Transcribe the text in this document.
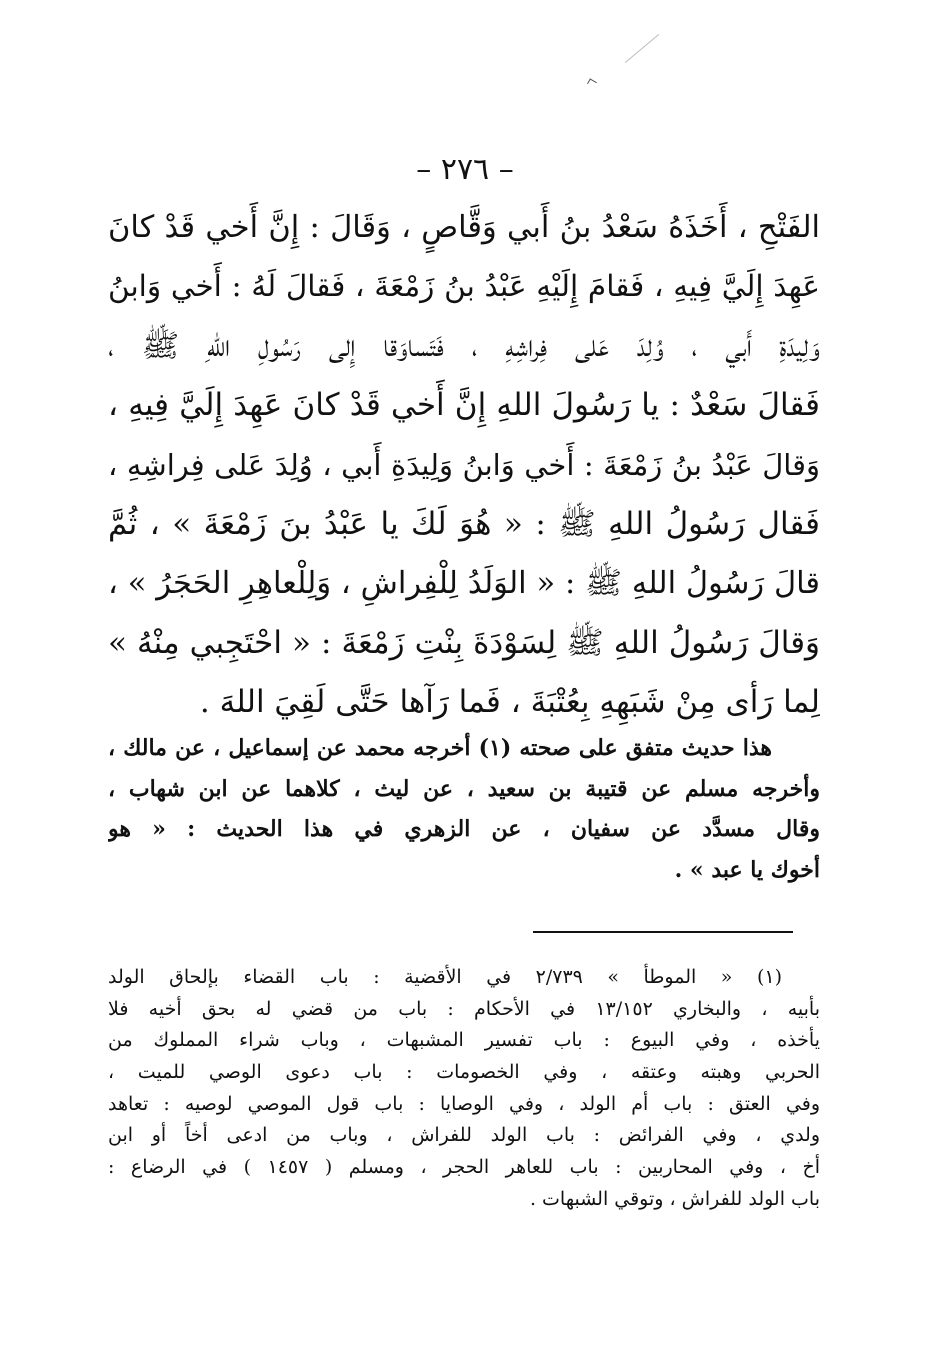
– ٢٧٦ –
الفَتْحِ ، أَخَذَهُ سَعْدُ بنُ أَبي وَقَّاصٍ ، وَقَالَ : إِنَّ أَخي قَدْ كانَ
عَهِدَ إِلَيَّ فِيهِ ، فَقامَ إِلَيْهِ عَبْدُ بنُ زَمْعَةَ ، فَقالَ لَهُ : أَخي وَابنُ
وَلِيدَةِ أَبي ، وُلِدَ عَلى فِراشِهِ ، فَتَساوَقا إِلى رَسُولِ اللهِ ﷺ ،
فَقالَ سَعْدٌ : يا رَسُولَ اللهِ إِنَّ أَخي قَدْ كانَ عَهِدَ إِلَيَّ فِيهِ ،
وَقالَ عَبْدُ بنُ زَمْعَةَ : أَخي وَابنُ وَلِيدَةِ أَبي ، وُلِدَ عَلى فِراشِهِ ،
فَقال رَسُولُ اللهِ ﷺ : « هُوَ لَكَ يا عَبْدُ بنَ زَمْعَةَ » ، ثُمَّ
قالَ رَسُولُ اللهِ ﷺ : « الوَلَدُ لِلْفِراشِ ، وَلِلْعاهِرِ الحَجَرُ » ،
وَقالَ رَسُولُ اللهِ ﷺ لِسَوْدَةَ بِنْتِ زَمْعَةَ : « احْتَجِبي مِنْهُ »
لِما رَأى مِنْ شَبَهِهِ بِعُتْبَةَ ، فَما رَآها حَتَّى لَقِيَ اللهَ .
هذا حديث متفق على صحته (١) أخرجه محمد عن إسماعيل ، عن مالك ،
وأخرجه مسلم عن قتيبة بن سعيد ، عن ليث ، كلاهما عن ابن شهاب ،
وقال مسدَّد عن سفيان ، عن الزهري في هذا الحديث : « هو
أخوك يا عبد » .
(١) « الموطأ » ٢/٧٣٩ في الأقضية : باب القضاء بإلحاق الولد
بأبيه ، والبخاري ١٣/١٥٢ في الأحكام : باب من قضي له بحق أخيه فلا
يأخذه ، وفي البيوع : باب تفسير المشبهات ، وباب شراء المملوك من
الحربي وهبته وعتقه ، وفي الخصومات : باب دعوى الوصي للميت ،
وفي العتق : باب أم الولد ، وفي الوصايا : باب قول الموصي لوصيه : تعاهد
ولدي ، وفي الفرائض : باب الولد للفراش ، وباب من ادعى أخاً أو ابن
أخ ، وفي المحاربين : باب للعاهر الحجر ، ومسلم ( ١٤٥٧ ) في الرضاع :
باب الولد للفراش ، وتوقي الشبهات .
